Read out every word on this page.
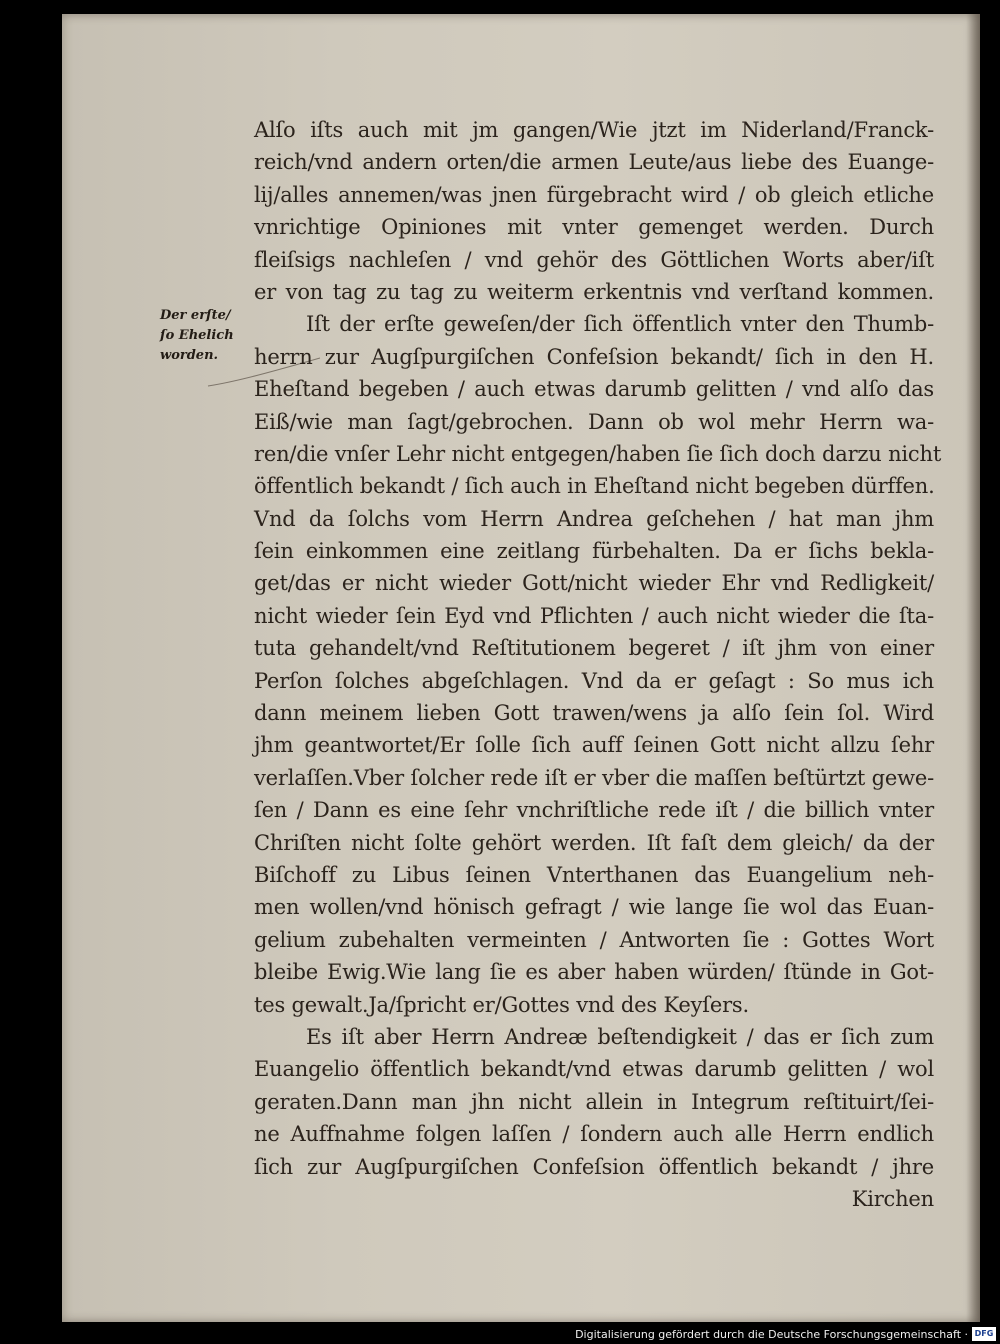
Der erſte/
ſo Ehelich
worden.
Alſo iſts auch mit jm gangen/Wie jtzt im Niderland/Franck-
reich/vnd andern orten/die armen Leute/aus liebe des Euange-
lij/alles annemen/was jnen fürgebracht wird / ob gleich etliche
vnrichtige Opiniones mit vnter gemenget werden. Durch
fleiſsigs nachleſen / vnd gehör des Göttlichen Worts aber/iſt
er von tag zu tag zu weiterm erkentnis vnd verſtand kommen.
Iſt der erſte geweſen/der ſich öffentlich vnter den Thumb-
herrn zur Augſpurgiſchen Confeſsion bekandt/ ſich in den H.
Eheſtand begeben / auch etwas darumb gelitten / vnd alſo das
Eiß/wie man ſagt/gebrochen. Dann ob wol mehr Herrn wa-
ren/die vnſer Lehr nicht entgegen/haben ſie ſich doch darzu nicht
öffentlich bekandt / ſich auch in Eheſtand nicht begeben dürffen.
Vnd da ſolchs vom Herrn Andrea geſchehen / hat man jhm
ſein einkommen eine zeitlang fürbehalten. Da er ſichs bekla-
get/das er nicht wieder Gott/nicht wieder Ehr vnd Redligkeit/
nicht wieder ſein Eyd vnd Pflichten / auch nicht wieder die ſta-
tuta gehandelt/vnd Reſtitutionem begeret / iſt jhm von einer
Perſon ſolches abgeſchlagen. Vnd da er geſagt : So mus ich
dann meinem lieben Gott trawen/wens ja alſo ſein ſol. Wird
jhm geantwortet/Er ſolle ſich auff ſeinen Gott nicht allzu ſehr
verlaſſen.Vber ſolcher rede iſt er vber die maſſen beſtürtzt gewe-
ſen / Dann es eine ſehr vnchriſtliche rede iſt / die billich vnter
Chriſten nicht ſolte gehört werden. Iſt faſt dem gleich/ da der
Biſchoff zu Libus ſeinen Vnterthanen das Euangelium neh-
men wollen/vnd hönisch gefragt / wie lange ſie wol das Euan-
gelium zubehalten vermeinten / Antworten ſie : Gottes Wort
bleibe Ewig.Wie lang ſie es aber haben würden/ ſtünde in Got-
tes gewalt.Ja/ſpricht er/Gottes vnd des Keyſers.
Es iſt aber Herrn Andreæ beſtendigkeit / das er ſich zum
Euangelio öffentlich bekandt/vnd etwas darumb gelitten / wol
geraten.Dann man jhn nicht allein in Integrum reſtituirt/ſei-
ne Auffnahme folgen laſſen / ſondern auch alle Herrn endlich
ſich zur Augſpurgiſchen Confeſsion öffentlich bekandt / jhre
Kirchen
Digitalisierung gefördert durch die Deutsche Forschungsgemeinschaft · DFG
